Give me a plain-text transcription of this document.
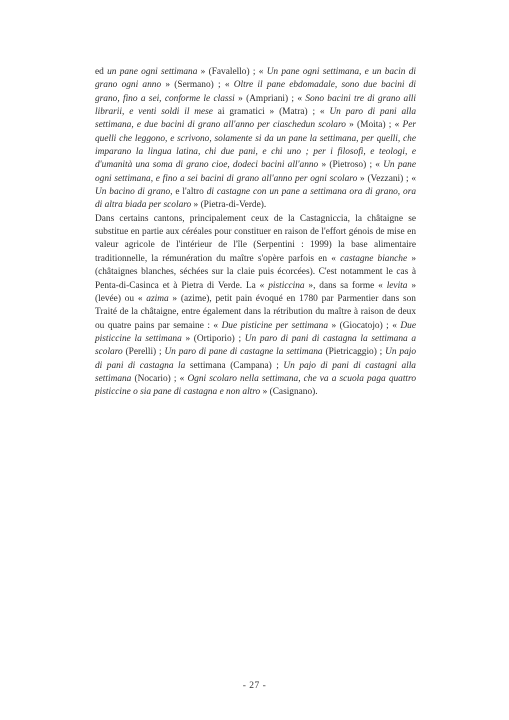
ed un pane ogni settimana » (Favalello) ; « Un pane ogni settimana, e un bacin di grano ogni anno » (Sermano) ; « Oltre il pane ebdomadale, sono due bacini di grano, fino a sei, conforme le classi » (Ampriani) ; « Sono bacini tre di grano alli librarii, e venti soldi il mese ai gramatici » (Matra) ; « Un paro di pani alla settimana, e due bacini di grano all'anno per ciaschedun scolaro » (Moita) ; « Per quelli che leggono, e scrivono, solamente si da un pane la settimana, per quelli, che imparano la lingua latina, chi due pani, e chi uno ; per i filosofi, e teologi, e d'umanità una soma di grano cioe, dodeci bacini all'anno » (Pietroso) ; « Un pane ogni settimana, e fino a sei bacini di grano all'anno per ogni scolaro » (Vezzani) ; « Un bacino di grano, e l'altro di castagne con un pane a settimana ora di grano, ora di altra biada per scolaro » (Pietra-di-Verde).

Dans certains cantons, principalement ceux de la Castagniccia, la châtaigne se substitue en partie aux céréales pour constituer en raison de l'effort génois de mise en valeur agricole de l'intérieur de l'île (Serpentini : 1999) la base alimentaire traditionnelle, la rémunération du maître s'opère parfois en « castagne bianche » (châtaignes blanches, séchées sur la claie puis écorcées). C'est notamment le cas à Penta-di-Casinca et à Pietra di Verde. La « pisticcina », dans sa forme « levita » (levée) ou « azima » (azime), petit pain évoqué en 1780 par Parmentier dans son Traité de la châtaigne, entre également dans la rétribution du maître à raison de deux ou quatre pains par semaine : « Due pisticine per settimana » (Giocatojo) ; « Due pisticcine la settimana » (Ortiporio) ; Un paro di pani di castagna la settimana a scolaro (Perelli) ; Un paro di pane di castagne la settimana (Pietricaggio) ; Un pajo di pani di castagna la settimana (Campana) ; Un pajo di pani di castagni alla settimana (Nocario) ; « Ogni scolaro nella settimana, che va a scuola paga quattro pisticcine o sia pane di castagna e non altro » (Casignano).

- 27 -
